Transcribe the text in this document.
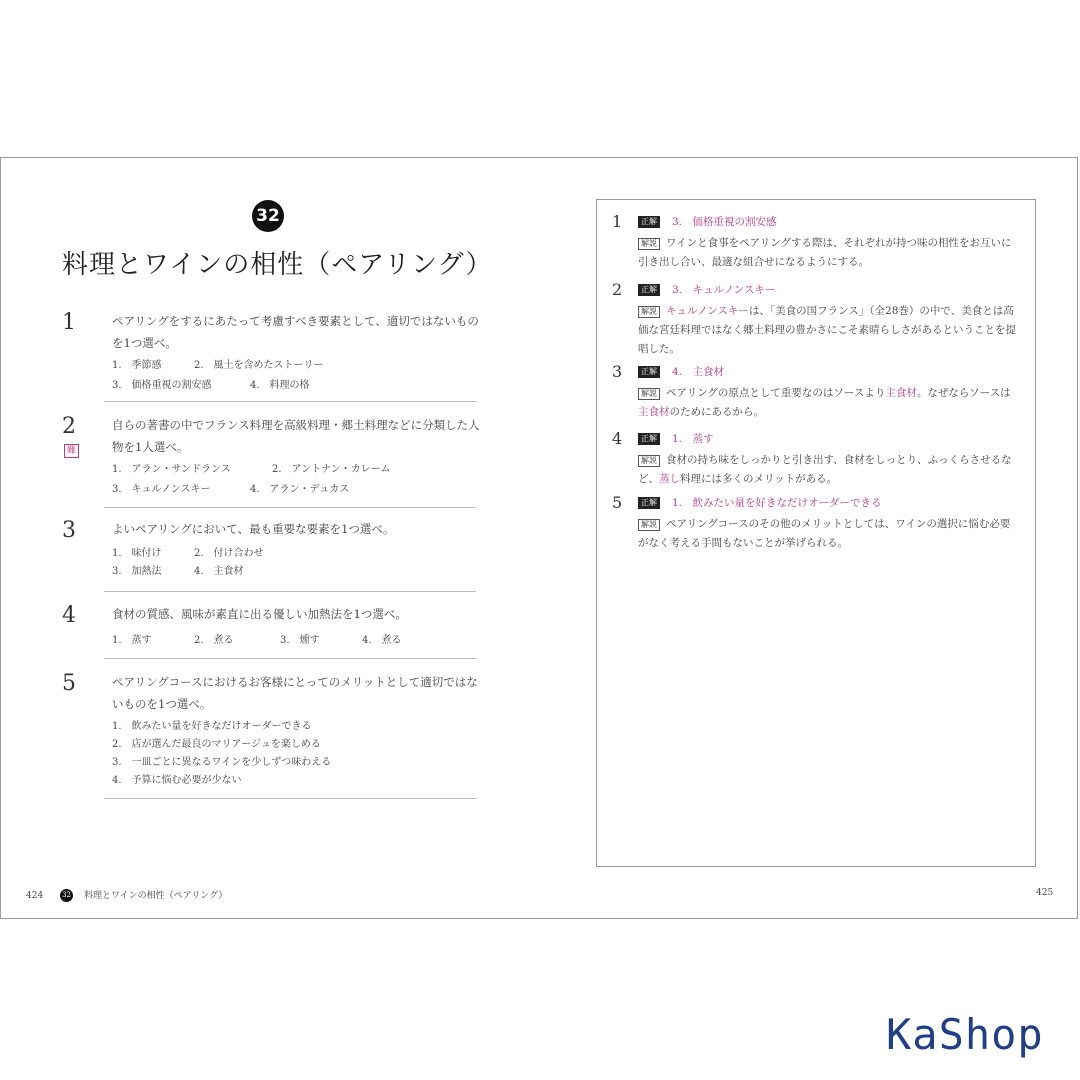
32
料理とワインの相性（ペアリング）
1	ペアリングをするにあたって考慮すべき要素として、適切ではないものを1つ選べ。
1.　季節感	2.　風土を含めたストーリー
3.　価格重視の割安感	4.　料理の格
2
難
自らの著書の中でフランス料理を高級料理・郷土料理などに分類した人物を1人選べ。
1.　アラン・サンドランス	2.　アントナン・カレーム
3.　キュルノンスキー	4.　アラン・デュカス
3	よいペアリングにおいて、最も重要な要素を1つ選べ。
1.　味付け	2.　付け合わせ
3.　加熱法	4.　主食材
4	食材の質感、風味が素直に出る優しい加熱法を1つ選べ。
1.　蒸す	2.　煮る	3.　燻す	4.　煮る
5	ペアリングコースにおけるお客様にとってのメリットとして適切ではないものを1つ選べ。
1.　飲みたい量を好きなだけオーダーできる
2.　店が選んだ最良のマリアージュを楽しめる
3.　一皿ごとに異なるワインを少しずつ味わえる
4.　予算に悩む必要が少ない
1	正解 3.　価格重視の割安感
解説 ワインと食事をペアリングする際は、それぞれが持つ味の相性をお互いに引き出し合い、最適な組合せになるようにする。
2	正解 3.　キュルノンスキー
解説 キュルノンスキーは、「美食の国フランス」（全28巻）の中で、美食とは高価な宮廷料理ではなく郷土料理の豊かさにこそ素晴らしさがあるということを提唱した。
3	正解 4.　主食材
解説 ペアリングの原点として重要なのはソースより主食材。なぜならソースは主食材のためにあるから。
4	正解 1.　蒸す
解説 食材の持ち味をしっかりと引き出す、食材をしっとり、ふっくらさせるなど、蒸し料理には多くのメリットがある。
5	正解 1.　飲みたい量を好きなだけオーダーできる
解説 ペアリングコースのその他のメリットとしては、ワインの選択に悩む必要がなく考える手間もないことが挙げられる。
424	32 料理とワインの相性（ペアリング）	425
KaShop
